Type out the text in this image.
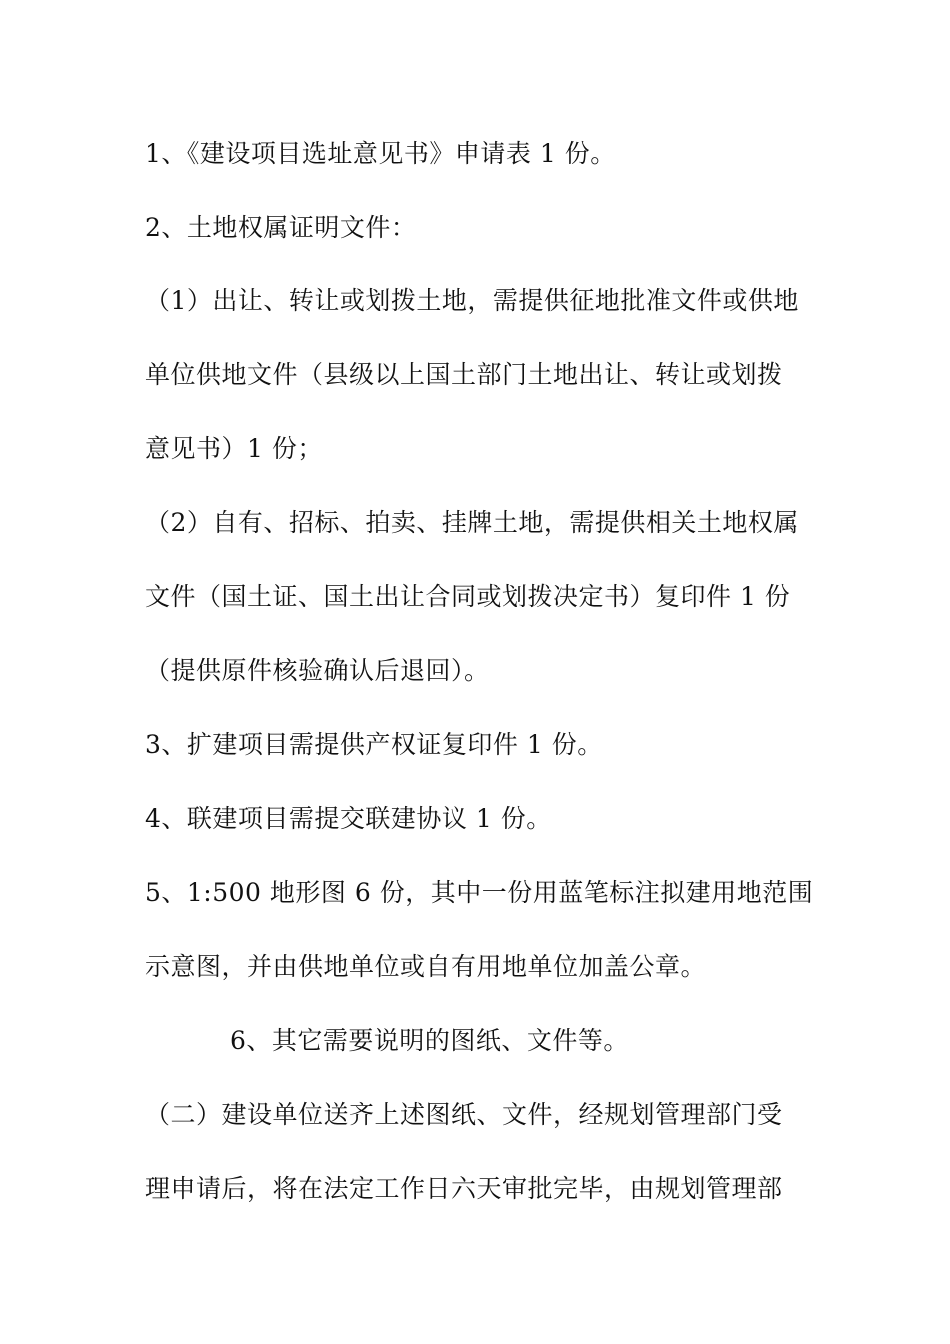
1、《建设项目选址意见书》申请表 1 份。
2、土地权属证明文件：
（1）出让、转让或划拨土地，需提供征地批准文件或供地
单位供地文件（县级以上国土部门土地出让、转让或划拨
意见书）1 份；
（2）自有、招标、拍卖、挂牌土地，需提供相关土地权属
文件（国土证、国土出让合同或划拨决定书）复印件 1 份
（提供原件核验确认后退回）。
3、扩建项目需提供产权证复印件 1 份。
4、联建项目需提交联建协议 1 份。
5、1:500 地形图 6 份，其中一份用蓝笔标注拟建用地范围
示意图，并由供地单位或自有用地单位加盖公章。
6、其它需要说明的图纸、文件等。
（二）建设单位送齐上述图纸、文件，经规划管理部门受
理申请后，将在法定工作日六天审批完毕，由规划管理部
